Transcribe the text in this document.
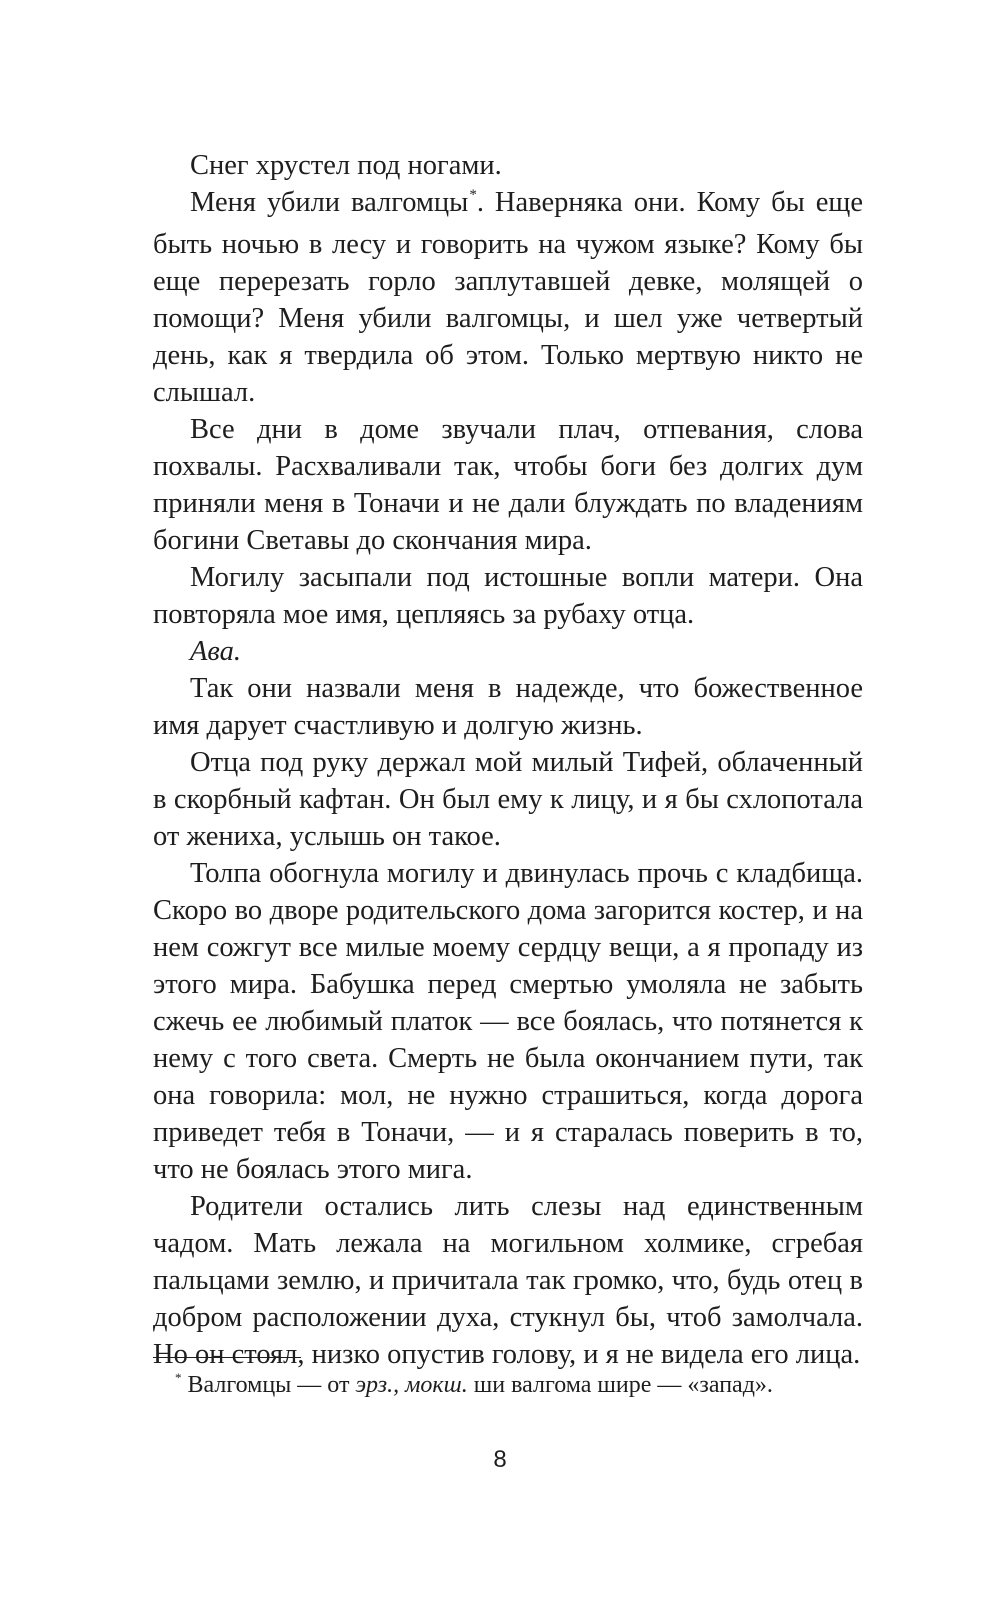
Снег хрустел под ногами.

Меня убили валгомцы*. Наверняка они. Кому бы еще быть ночью в лесу и говорить на чужом языке? Кому бы еще перерезать горло заплутавшей девке, молящей о помощи? Меня убили валгомцы, и шел уже четвертый день, как я твердила об этом. Только мертвую никто не слышал.

Все дни в доме звучали плач, отпевания, слова похвалы. Расхваливали так, чтобы боги без долгих дум приняли меня в Тоначи и не дали блуждать по владениям богини Светавы до скончания мира.

Могилу засыпали под истошные вопли матери. Она повторяла мое имя, цепляясь за рубаху отца.

Ава.

Так они назвали меня в надежде, что божественное имя дарует счастливую и долгую жизнь.

Отца под руку держал мой милый Тифей, облаченный в скорбный кафтан. Он был ему к лицу, и я бы схлопотала от жениха, услышь он такое.

Толпа обогнула могилу и двинулась прочь с кладбища. Скоро во дворе родительского дома загорится костер, и на нем сожгут все милые моему сердцу вещи, а я пропаду из этого мира. Бабушка перед смертью умоляла не забыть сжечь ее любимый платок — все боялась, что потянется к нему с того света. Смерть не была окончанием пути, так она говорила: мол, не нужно страшиться, когда дорога приведет тебя в Тоначи, — и я старалась поверить в то, что не боялась этого мига.

Родители остались лить слезы над единственным чадом. Мать лежала на могильном холмике, сгребая пальцами землю, и причитала так громко, что, будь отец в добром расположении духа, стукнул бы, чтоб замолчала. Но он стоял, низко опустив голову, и я не видела его лица.

* Валгомцы — от эрз., мокш. ши валгома шире — «запад».
8
